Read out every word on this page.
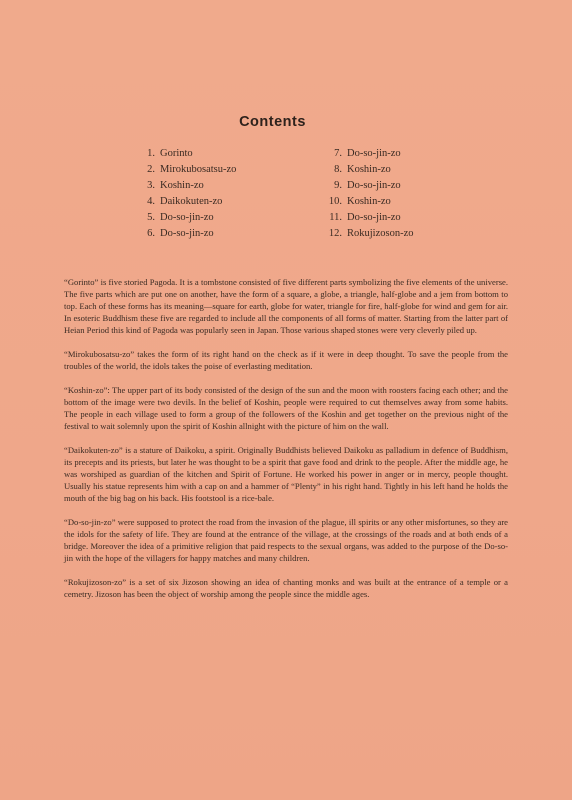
Contents
1. Gorinto
2. Mirokubosatsu-zo
3. Koshin-zo
4. Daikokuten-zo
5. Do-so-jin-zo
6. Do-so-jin-zo
7. Do-so-jin-zo
8. Koshin-zo
9. Do-so-jin-zo
10. Koshin-zo
11. Do-so-jin-zo
12. Rokujizoson-zo

“Gorinto” is five storied Pagoda. It is a tombstone consisted of five different parts symbolizing the five elements of the universe. The five parts which are put one on another, have the form of a square, a globe, a triangle, half-globe and a jem from bottom to top. Each of these forms has its meaning—square for earth, globe for water, triangle for fire, half-globe for wind and gem for air. In esoteric Buddhism these five are regarded to include all the components of all forms of matter. Starting from the latter part of Heian Period this kind of Pagoda was popularly seen in Japan. Those various shaped stones were very cleverly piled up.

“Mirokubosatsu-zo” takes the form of its right hand on the check as if it were in deep thought. To save the people from the troubles of the world, the idols takes the poise of everlasting meditation.

“Koshin-zo”: The upper part of its body consisted of the design of the sun and the moon with roosters facing each other; and the bottom of the image were two devils. In the belief of Koshin, people were required to cut themselves away from some habits. The people in each village used to form a group of the followers of the Koshin and get together on the previous night of the festival to wait solemnly upon the spirit of Koshin allnight with the picture of him on the wall.

“Daikokuten-zo” is a stature of Daikoku, a spirit. Originally Buddhists believed Daikoku as palladium in defence of Buddhism, its precepts and its priests, but later he was thought to be a spirit that gave food and drink to the people. After the middle age, he was worshiped as guardian of the kitchen and Spirit of Fortune. He worked his power in anger or in mercy, people thought. Usually his statue represents him with a cap on and a hammer of “Plenty” in his right hand. Tightly in his left hand he holds the mouth of the big bag on his back. His footstool is a rice-bale.

“Do-so-jin-zo” were supposed to protect the road from the invasion of the plague, ill spirits or any other misfortunes, so they are the idols for the safety of life. They are found at the entrance of the village, at the crossings of the roads and at both ends of a bridge. Moreover the idea of a primitive religion that paid respects to the sexual organs, was added to the purpose of the Do-so-jin with the hope of the villagers for happy matches and many children.

“Rokujizoson-zo” is a set of six Jizoson showing an idea of chanting monks and was built at the entrance of a temple or a cemetry. Jizoson has been the object of worship among the people since the middle ages.
